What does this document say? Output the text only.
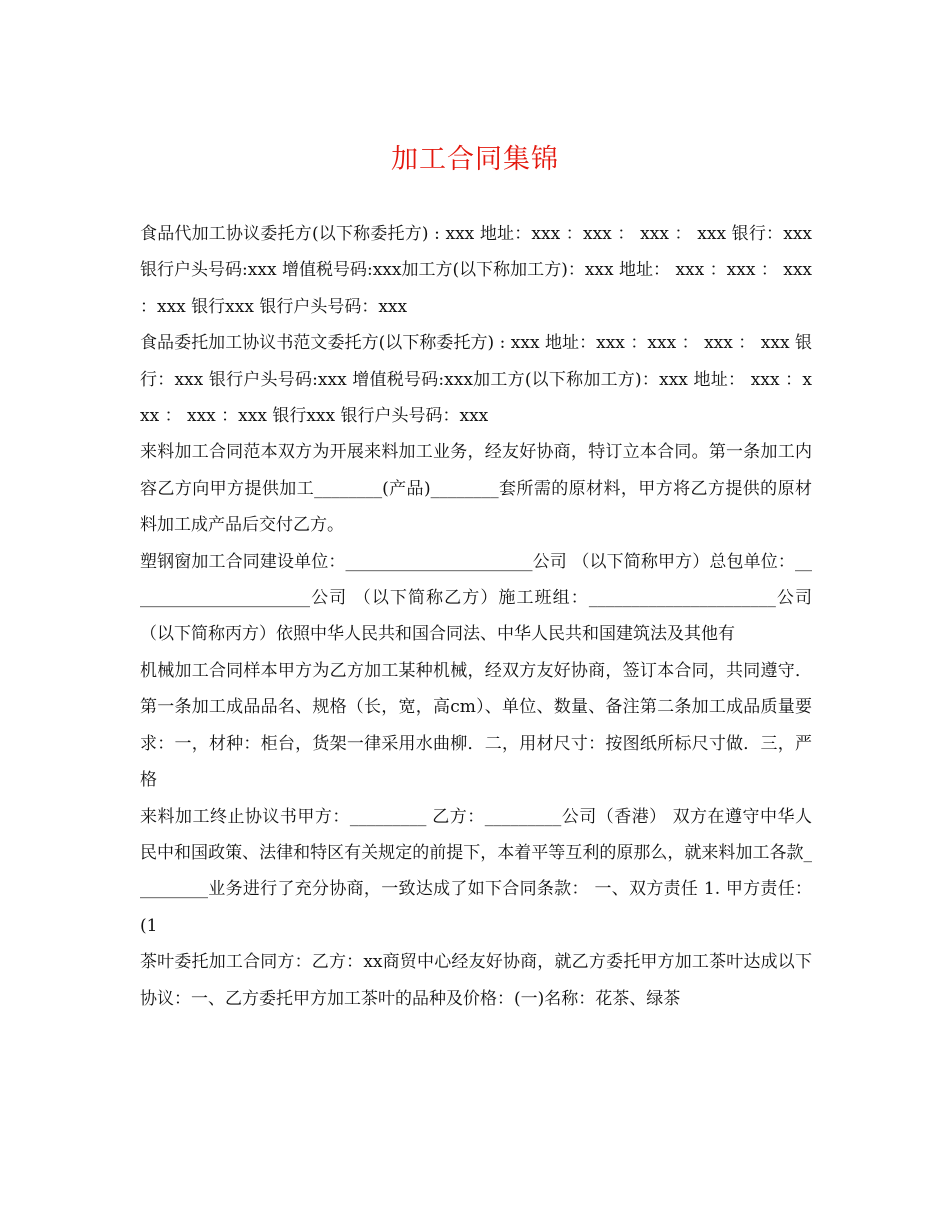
加工合同集锦

食品代加工协议委托方(以下称委托方) : xxx 地址：xxx ：xxx ： xxx ： xxx 银行：xxx 银行户头号码:xxx 增值税号码:xxx加工方(以下称加工方)：xxx 地址： xxx ：xxx ： xxx ：xxx 银行xxx 银行户头号码：xxx

食品委托加工协议书范文委托方(以下称委托方) : xxx 地址：xxx ：xxx ： xxx ： xxx 银行：xxx 银行户头号码:xxx 增值税号码:xxx加工方(以下称加工方)：xxx 地址： xxx ：xxx ： xxx ：xxx 银行xxx 银行户头号码：xxx

来料加工合同范本双方为开展来料加工业务，经友好协商，特订立本合同。第一条加工内容乙方向甲方提供加工________(产品)________套所需的原材料，甲方将乙方提供的原材料加工成产品后交付乙方。

塑钢窗加工合同建设单位：______________________公司 （以下简称甲方）总包单位：______________________公司 （以下简称乙方）施工班组：______________________公司 （以下简称丙方）依照中华人民共和国合同法、中华人民共和国建筑法及其他有

机械加工合同样本甲方为乙方加工某种机械，经双方友好协商，签订本合同，共同遵守．第一条加工成品品名、规格（长，宽，高cm）、单位、数量、备注第二条加工成品质量要求：一，材种：柜台，货架一律采用水曲柳．二，用材尺寸：按图纸所标尺寸做．三，严格

来料加工终止协议书甲方：_________ 乙方：_________公司（香港） 双方在遵守中华人民中和国政策、法律和特区有关规定的前提下，本着平等互利的原那么，就来料加工各款_________业务进行了充分协商，一致达成了如下合同条款： 一、双方责任 1. 甲方责任： (1

茶叶委托加工合同方：乙方：xx商贸中心经友好协商，就乙方委托甲方加工茶叶达成以下协议：一、乙方委托甲方加工茶叶的品种及价格：(一)名称：花茶、绿茶
